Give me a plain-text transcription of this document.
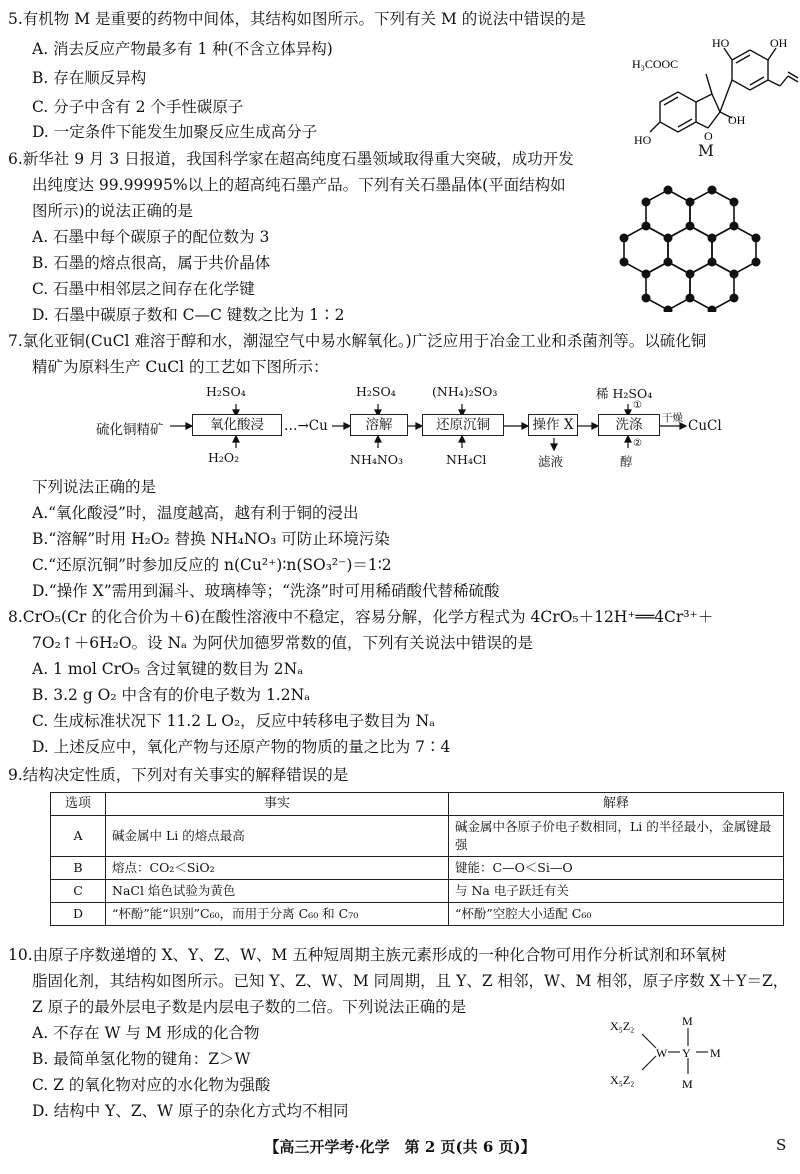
5.有机物 M 是重要的药物中间体，其结构如图所示。下列有关 M 的说法中错误的是
A. 消去反应产物最多有 1 种(不含立体异构)
B. 存在顺反异构
C. 分子中含有 2 个手性碳原子
D. 一定条件下能发生加聚反应生成高分子
HO	OH
H₃COOC
OH
O
HO
M
6.新华社 9 月 3 日报道，我国科学家在超高纯度石墨领域取得重大突破，成功开发
出纯度达 99.99995%以上的超高纯石墨产品。下列有关石墨晶体(平面结构如
图所示)的说法正确的是
A. 石墨中每个碳原子的配位数为 3
B. 石墨的熔点很高，属于共价晶体
C. 石墨中相邻层之间存在化学键
D. 石墨中碳原子数和 C—C 键数之比为 1∶2
7.氯化亚铜(CuCl 难溶于醇和水，潮湿空气中易水解氧化。)广泛应用于冶金工业和杀菌剂等。以硫化铜
精矿为原料生产 CuCl 的工艺如下图所示：
硫化铜精矿	氧化酸浸	…→Cu	溶解	还原沉铜	操作 X	洗涤
H₂SO₄
H₂O₂
H₂SO₄
NH₄NO₃
(NH₄)₂SO₃
NH₄Cl	滤液
稀 H₂SO₄
①
②
醇
干燥 CuCl
下列说法正确的是
A.“氧化酸浸”时，温度越高，越有利于铜的浸出
B.“溶解”时用 H₂O₂ 替换 NH₄NO₃ 可防止环境污染
C.“还原沉铜”时参加反应的 n(Cu²⁺)∶n(SO₃²⁻)＝1∶2
D.“操作 X”需用到漏斗、玻璃棒等；“洗涤”时可用稀硝酸代替稀硫酸
8.CrO₅(Cr 的化合价为＋6)在酸性溶液中不稳定，容易分解，化学方程式为 4CrO₅＋12H⁺══4Cr³⁺＋
7O₂↑＋6H₂O。设 Nₐ 为阿伏加德罗常数的值，下列有关说法中错误的是
A. 1 mol CrO₅ 含过氧键的数目为 2Nₐ
B. 3.2 g O₂ 中含有的价电子数为 1.2Nₐ
C. 生成标准状况下 11.2 L O₂，反应中转移电子数目为 Nₐ
D. 上述反应中，氧化产物与还原产物的物质的量之比为 7∶4
9.结构决定性质，下列对有关事实的解释错误的是
选项	事实	解释
A	碱金属中 Li 的熔点最高	碱金属中各原子价电子数相同，Li 的半径最小，金属键最强
B	熔点：CO₂＜SiO₂	键能：C—O＜Si—O
C	NaCl 焰色试验为黄色	与 Na 电子跃迁有关
D	“杯酚”能“识别”C₆₀，而用于分离 C₆₀ 和 C₇₀	“杯酚”空腔大小适配 C₆₀
10.由原子序数递增的 X、Y、Z、W、M 五种短周期主族元素形成的一种化合物可用作分析试剂和环氧树
脂固化剂，其结构如图所示。已知 Y、Z、W、M 同周期，且 Y、Z 相邻，W、M 相邻，原子序数 X＋Y＝Z，
Z 原子的最外层电子数是内层电子数的二倍。下列说法正确的是
A. 不存在 W 与 M 形成的化合物
B. 最简单氢化物的键角：Z＞W
C. Z 的氧化物对应的水化物为强酸
D. 结构中 Y、Z、W 原子的杂化方式均不相同
X₅Z₂
X₅Z₂
W Y
M
M
M
【高三开学考·化学　第 2 页(共 6 页)】	S
